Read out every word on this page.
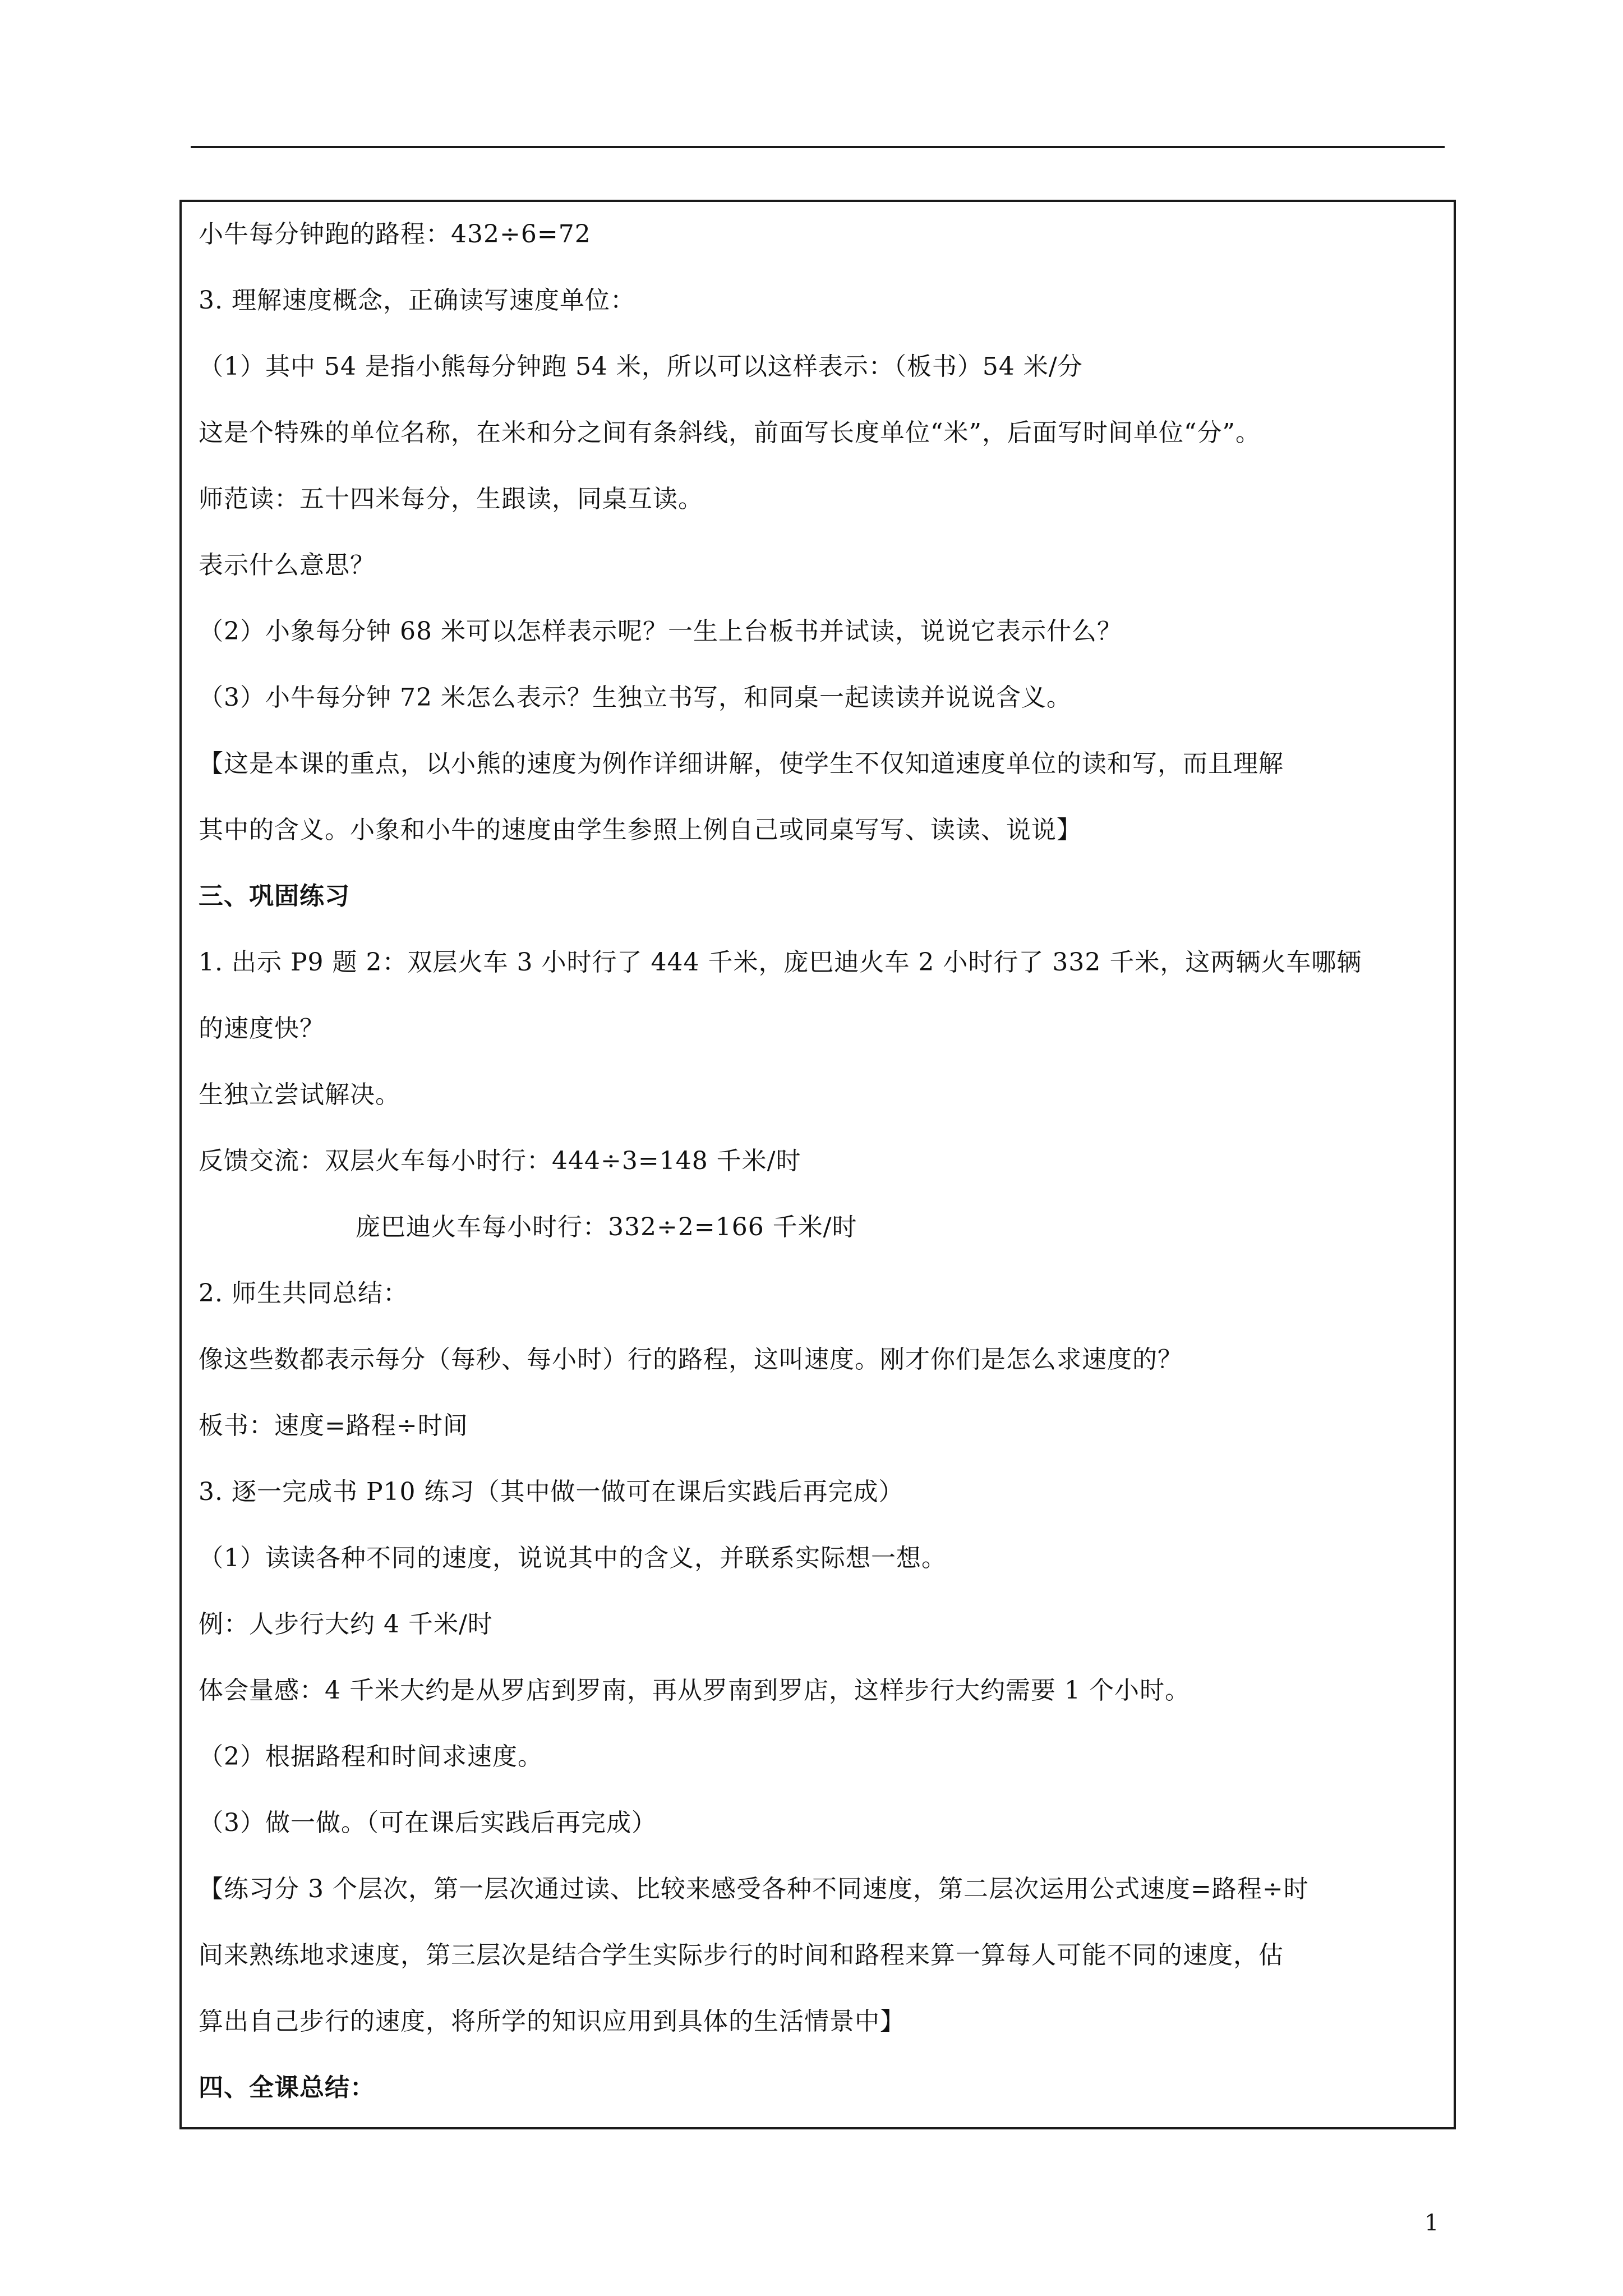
小牛每分钟跑的路程：432÷6=72
3. 理解速度概念，正确读写速度单位：
（1）其中 54 是指小熊每分钟跑 54 米，所以可以这样表示：（板书）54 米/分
这是个特殊的单位名称，在米和分之间有条斜线，前面写长度单位“米”，后面写时间单位“分”。
师范读：五十四米每分，生跟读，同桌互读。
表示什么意思？
（2）小象每分钟 68 米可以怎样表示呢？一生上台板书并试读，说说它表示什么？
（3）小牛每分钟 72 米怎么表示？生独立书写，和同桌一起读读并说说含义。
【这是本课的重点，以小熊的速度为例作详细讲解，使学生不仅知道速度单位的读和写，而且理解
其中的含义。小象和小牛的速度由学生参照上例自己或同桌写写、读读、说说】
三、巩固练习
1. 出示 P9 题 2：双层火车 3 小时行了 444 千米，庞巴迪火车 2 小时行了 332 千米，这两辆火车哪辆
的速度快？
生独立尝试解决。
反馈交流：双层火车每小时行：444÷3=148 千米/时
庞巴迪火车每小时行：332÷2=166 千米/时
2. 师生共同总结：
像这些数都表示每分（每秒、每小时）行的路程，这叫速度。刚才你们是怎么求速度的？
板书：速度=路程÷时间
3. 逐一完成书 P10 练习（其中做一做可在课后实践后再完成）
（1）读读各种不同的速度，说说其中的含义，并联系实际想一想。
例：人步行大约 4 千米/时
体会量感：4 千米大约是从罗店到罗南，再从罗南到罗店，这样步行大约需要 1 个小时。
（2）根据路程和时间求速度。
（3）做一做。（可在课后实践后再完成）
【练习分 3 个层次，第一层次通过读、比较来感受各种不同速度，第二层次运用公式速度=路程÷时
间来熟练地求速度，第三层次是结合学生实际步行的时间和路程来算一算每人可能不同的速度，估
算出自己步行的速度，将所学的知识应用到具体的生活情景中】
四、全课总结：
1
